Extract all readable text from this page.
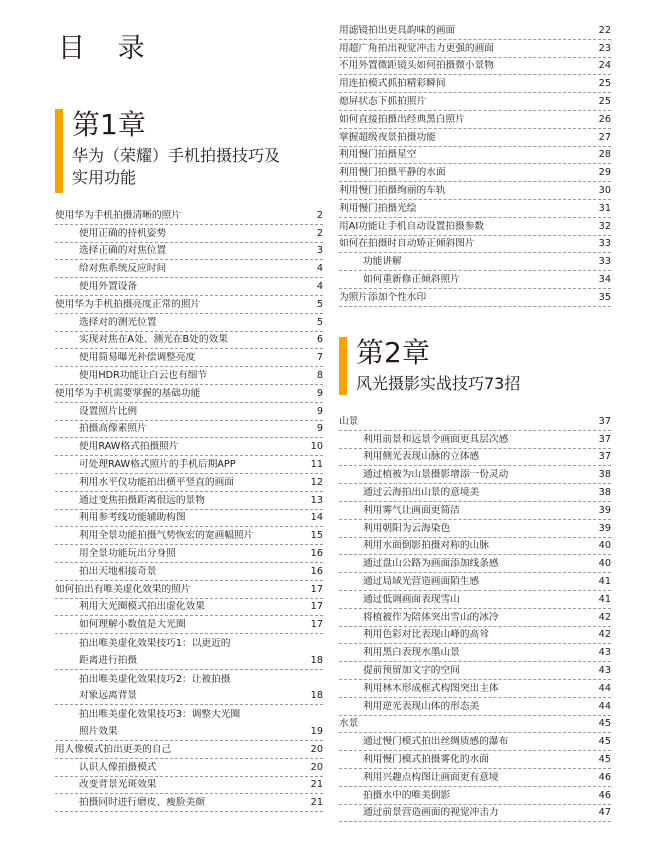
目 录
第1章
华为（荣耀）手机拍摄技巧及
实用功能
第2章
风光摄影实战技巧73招
使用华为手机拍摄清晰的照片	2
使用正确的持机姿势	2
选择正确的对焦位置	3
给对焦系统反应时间	4
使用外置设备	4
使用华为手机拍摄亮度正常的照片	5
选择对的测光位置	5
实现对焦在A处、测光在B处的效果	6
使用简易曝光补偿调整亮度	7
使用HDR功能让白云也有细节	8
使用华为手机需要掌握的基础功能	9
设置照片比例	9
拍摄高像素照片	9
使用RAW格式拍摄照片	10
可处理RAW格式照片的手机后期APP	11
利用水平仪功能拍出横平竖直的画面	12
通过变焦拍摄距离很远的景物	13
利用参考线功能辅助构图	14
利用全景功能拍摄气势恢宏的宽画幅照片	15
用全景功能玩出分身照	16
拍出天地相接奇景	16
如何拍出有唯美虚化效果的照片	17
利用大光圈模式拍出虚化效果	17
如何理解小数值是大光圈	17
拍出唯美虚化效果技巧1：以更近的
距离进行拍摄	18
拍出唯美虚化效果技巧2：让被拍摄
对象远离背景	18
拍出唯美虚化效果技巧3：调整大光圈
照片效果	19
用人像模式拍出更美的自己	20
认识人像拍摄模式	20
改变背景光斑效果	21
拍摄同时进行磨皮、瘦脸美颜	21
用滤镜拍出更具韵味的画面	22
用超广角拍出视觉冲击力更强的画面	23
不用外置微距镜头如何拍摄微小景物	24
用连拍模式抓拍精彩瞬间	25
熄屏状态下抓拍照片	25
如何直接拍摄出经典黑白照片	26
掌握超级夜景拍摄功能	27
利用慢门拍摄星空	28
利用慢门拍摄平静的水面	29
利用慢门拍摄绚丽的车轨	30
利用慢门拍摄光绘	31
用AI功能让手机自动设置拍摄参数	32
如何在拍摄时自动矫正倾斜图片	33
功能讲解	33
如何重新修正倾斜照片	34
为照片添加个性水印	35
山景	37
利用前景和远景令画面更具层次感	37
利用侧光表现山脉的立体感	37
通过植被为山景摄影增添一份灵动	38
通过云海拍出山景的意境美	38
利用雾气让画面更简洁	39
利用朝阳为云海染色	39
利用水面倒影拍摄对称的山脉	40
通过盘山公路为画面添加线条感	40
通过局域光营造画面陌生感	41
通过低调画面表现雪山	41
将植被作为陪体突出雪山的冰冷	42
利用色彩对比表现山峰的高耸	42
利用黑白表现水墨山景	43
提前预留加文字的空间	43
利用林木形成框式构图突出主体	44
利用逆光表现山体的形态美	44
水景	45
通过慢门模式拍出丝绸质感的瀑布	45
利用慢门模式拍摄雾化的水面	45
利用兴趣点构图让画面更有意境	46
拍摄水中的唯美倒影	46
通过前景营造画面的视觉冲击力	47
